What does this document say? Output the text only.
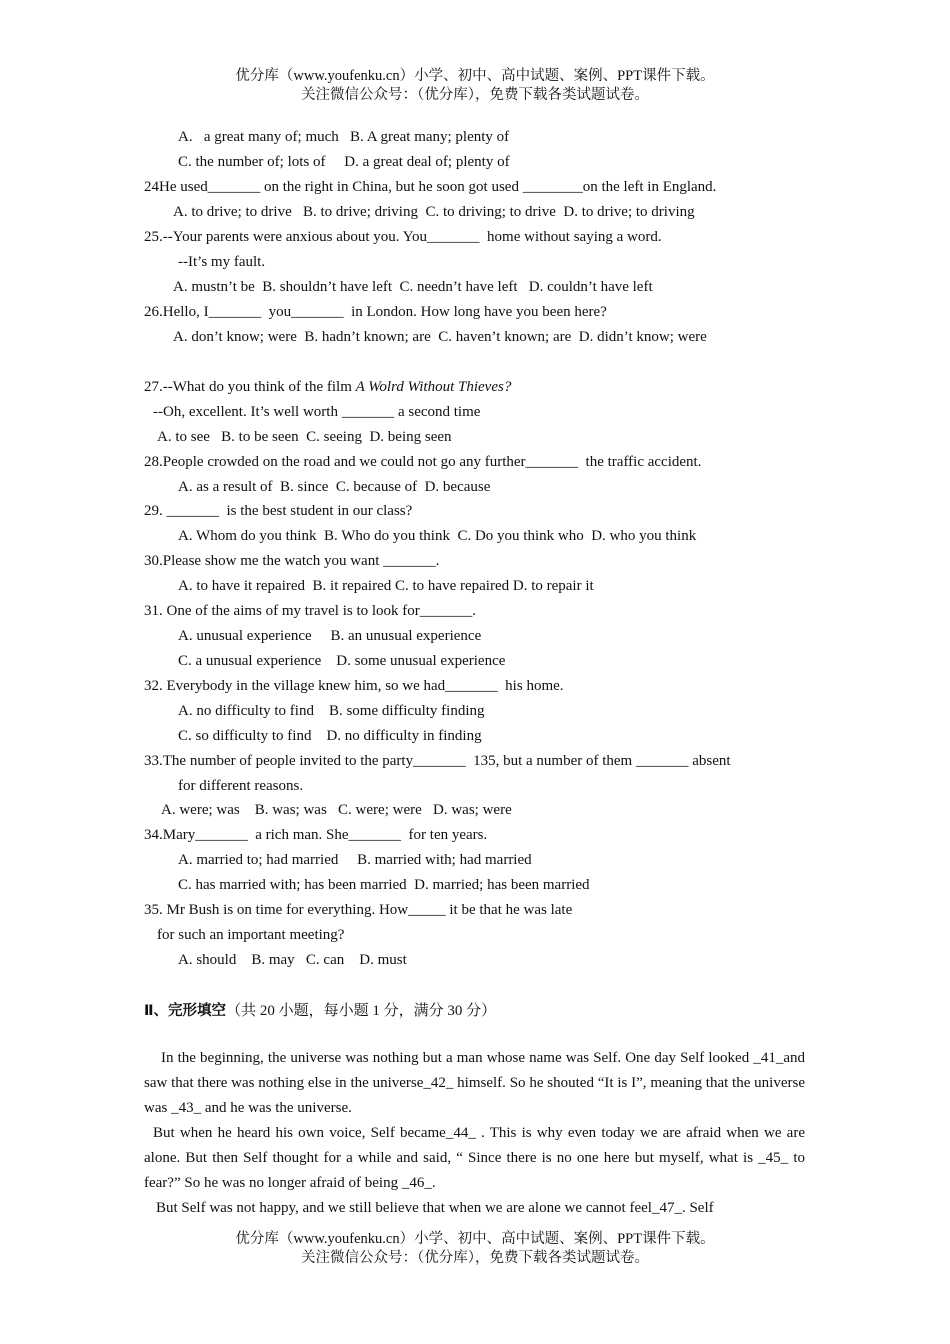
优分库（www.youfenku.cn）小学、初中、高中试题、案例、PPT课件下载。
关注微信公众号：（优分库），免费下载各类试题试卷。
A.   a great many of; much   B. A great many; plenty of
C. the number of; lots of     D. a great deal of; plenty of
24He used_______ on the right in China, but he soon got used ________on the left in England.
A. to drive; to drive   B. to drive; driving  C. to driving; to drive  D. to drive; to driving
25.--Your parents were anxious about you. You_______  home without saying a word.
--It’s my fault.
A. mustn’t be  B. shouldn’t have left  C. needn’t have left   D. couldn’t have left
26.Hello, I_______  you_______  in London. How long have you been here?
A. don’t know; were  B. hadn’t known; are  C. haven’t known; are  D. didn’t know; were
27.--What do you think of the film A Wolrd Without Thieves?
--Oh, excellent. It’s well worth _______ a second time
A. to see   B. to be seen  C. seeing  D. being seen
28.People crowded on the road and we could not go any further_______  the traffic accident.
A. as a result of  B. since  C. because of  D. because
29. _______  is the best student in our class?
A. Whom do you think  B. Who do you think  C. Do you think who  D. who you think
30.Please show me the watch you want _______.
A. to have it repaired  B. it repaired C. to have repaired D. to repair it
31. One of the aims of my travel is to look for_______.
A. unusual experience     B. an unusual experience
C. a unusual experience    D. some unusual experience
32. Everybody in the village knew him, so we had_______  his home.
A. no difficulty to find    B. some difficulty finding
C. so difficulty to find    D. no difficulty in finding
33.The number of people invited to the party_______  135, but a number of them _______ absent
for different reasons.
A. were; was    B. was; was   C. were; were   D. was; were
34.Mary_______  a rich man. She_______  for ten years.
A. married to; had married     B. married with; had married
C. has married with; has been married  D. married; has been married
35. Mr Bush is on time for everything. How_____ it be that he was late
for such an important meeting?
A. should    B. may   C. can    D. must
Ⅱ、完形填空（共 20 小题，每小题 1 分，满分 30 分）
In the beginning, the universe was nothing but a man whose name was Self. One day Self looked _41_and saw that there was nothing else in the universe_42_ himself. So he shouted “It is I”, meaning that the universe was _43_ and he was the universe.
But when he heard his own voice, Self became_44_ . This is why even today we are afraid when we are alone. But then Self thought for a while and said, “ Since there is no one here but myself, what is _45_ to fear?” So he was no longer afraid of being _46_.
But Self was not happy, and we still believe that when we are alone we cannot feel_47_. Self
优分库（www.youfenku.cn）小学、初中、高中试题、案例、PPT课件下载。
关注微信公众号：（优分库），免费下载各类试题试卷。
